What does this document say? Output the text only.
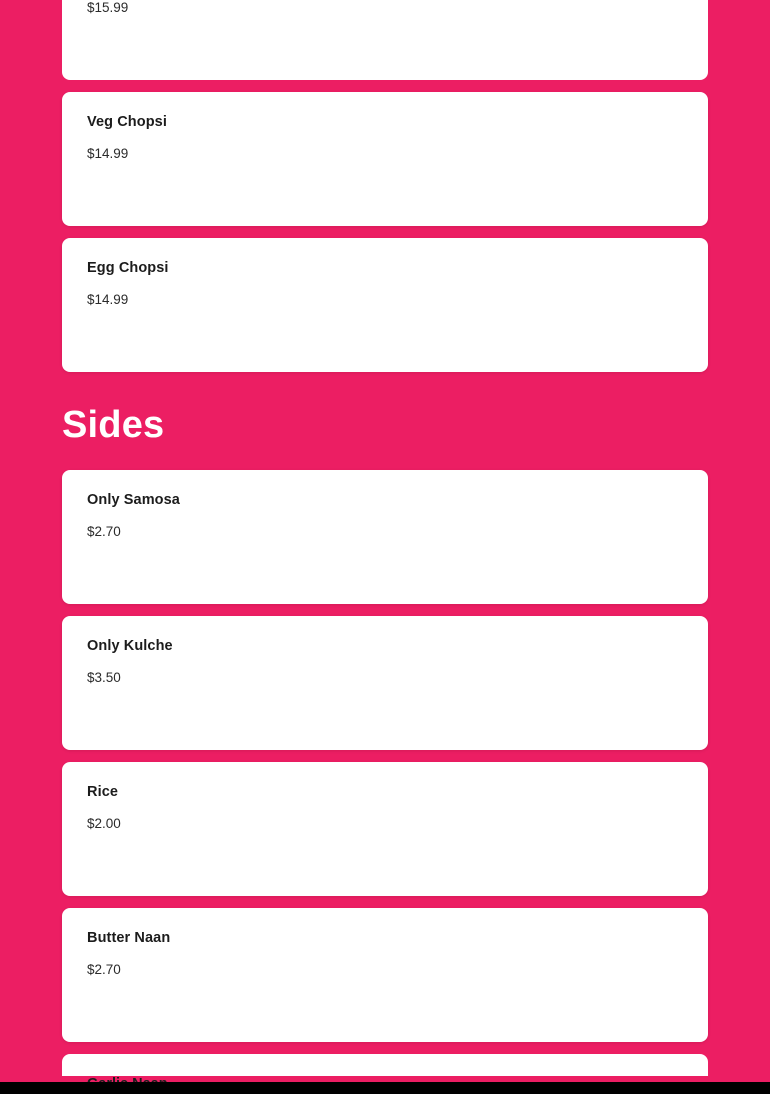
$15.99
Veg Chopsi
$14.99
Egg Chopsi
$14.99
Sides
Only Samosa
$2.70
Only Kulche
$3.50
Rice
$2.00
Butter Naan
$2.70
